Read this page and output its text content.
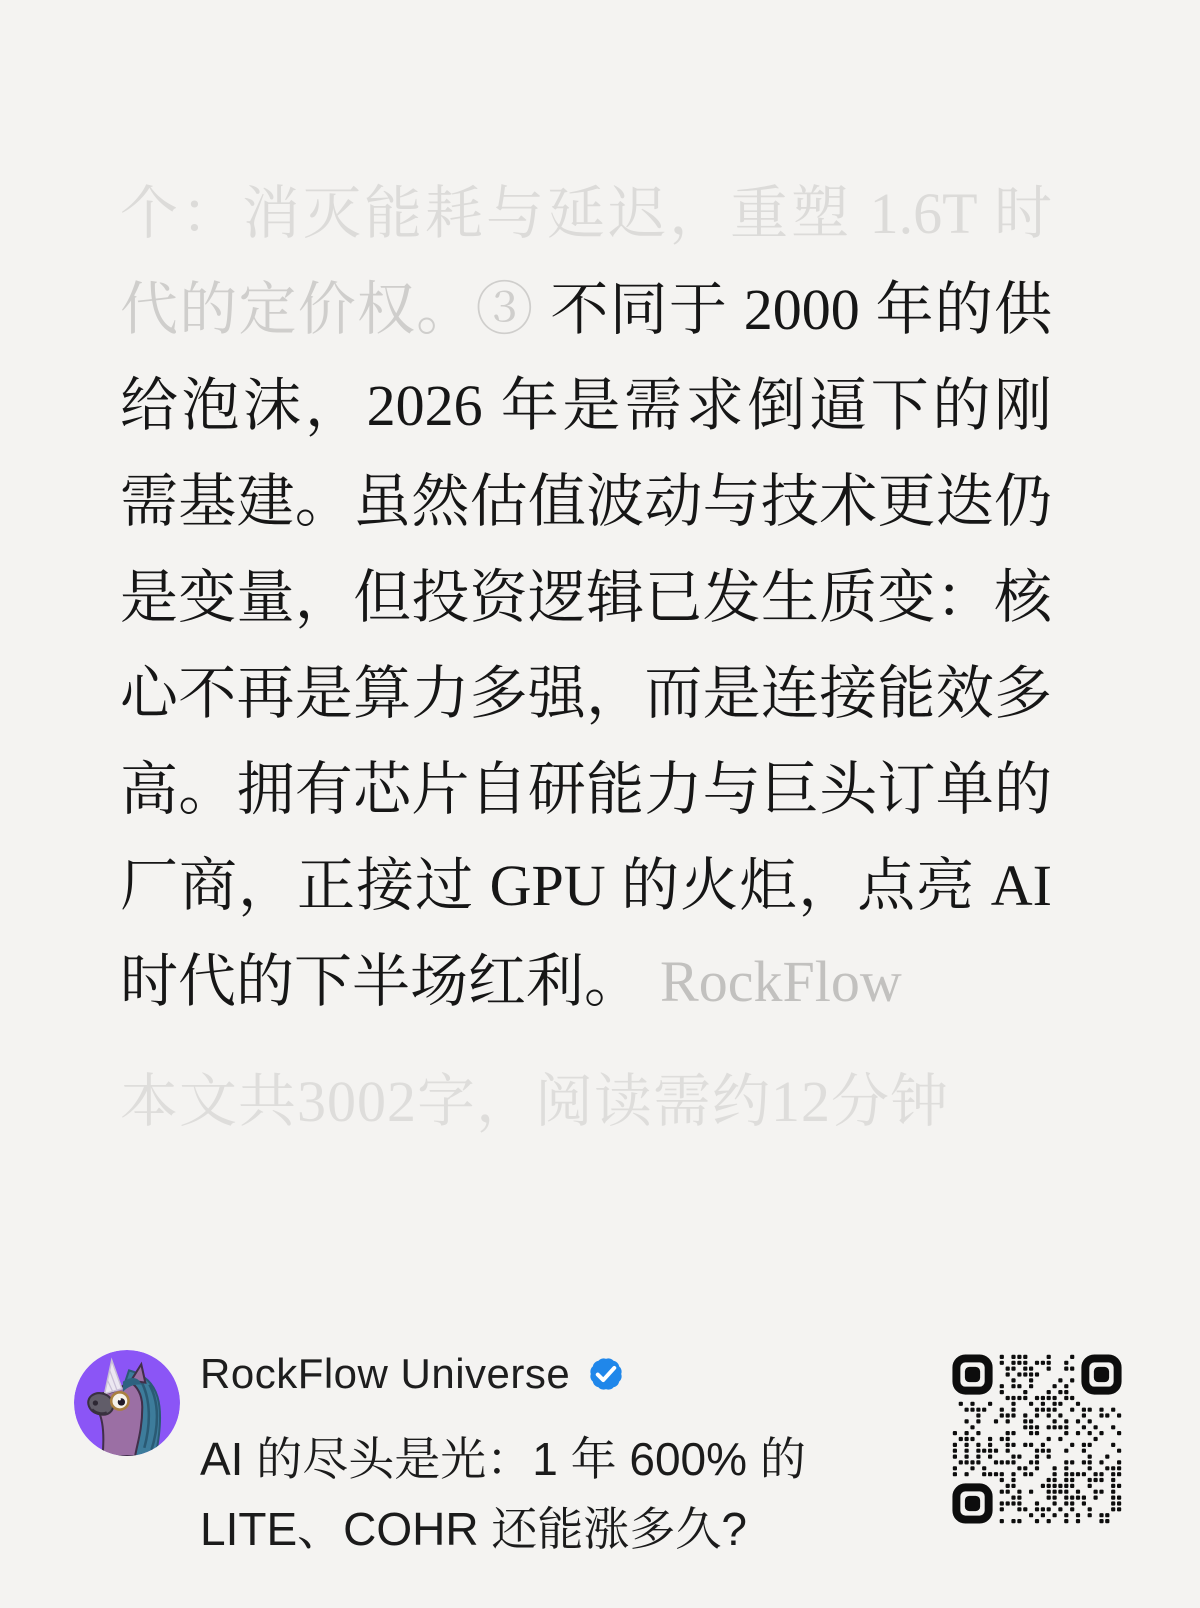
个：消灭能耗与延迟，重塑 1.6T 时
代的定价权。③ 不同于 2000 年的供
给泡沫，2026 年是需求倒逼下的刚
需基建。虽然估值波动与技术更迭仍
是变量，但投资逻辑已发生质变：核
心不再是算力多强，而是连接能效多
高。拥有芯片自研能力与巨头订单的
厂商，正接过 GPU 的火炬，点亮 AI
时代的下半场红利。 RockFlow
本文共3002字，阅读需约12分钟
RockFlow Universe
AI 的尽头是光：1 年 600% 的
LITE、COHR 还能涨多久?
